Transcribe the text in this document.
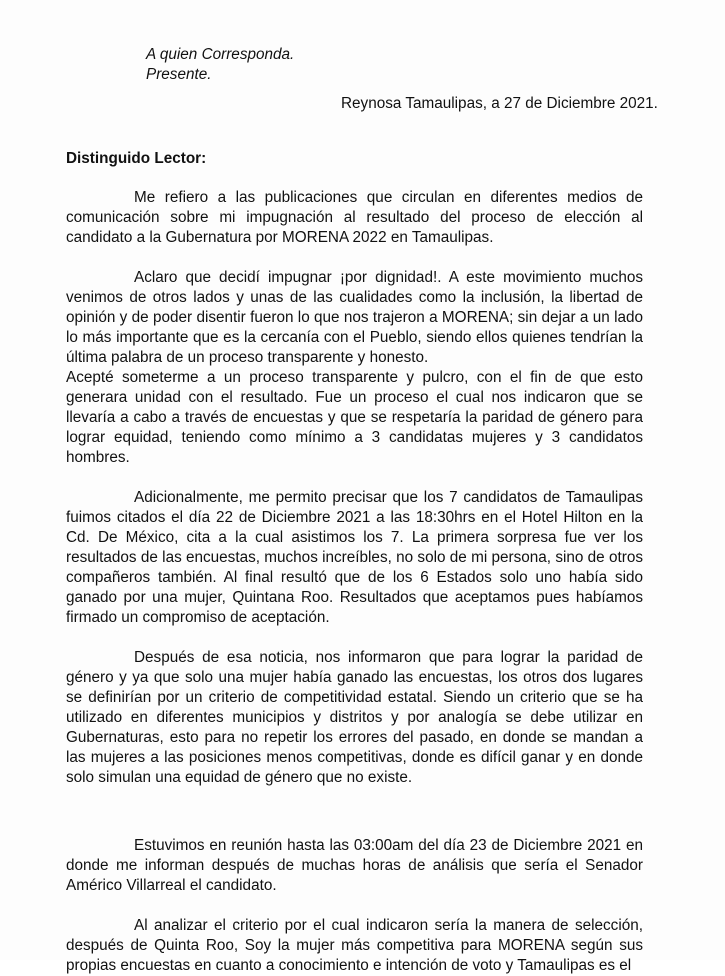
A quien Corresponda.
Presente.
Reynosa Tamaulipas, a 27 de Diciembre 2021.
Distinguido Lector:

Me refiero a las publicaciones que circulan en diferentes medios de comunicación sobre mi impugnación al resultado del proceso de elección al candidato a la Gubernatura por MORENA 2022 en Tamaulipas.

Aclaro que decidí impugnar ¡por dignidad!. A este movimiento muchos venimos de otros lados y unas de las cualidades como la inclusión, la libertad de opinión y de poder disentir fueron lo que nos trajeron a MORENA; sin dejar a un lado lo más importante que es la cercanía con el Pueblo, siendo ellos quienes tendrían la última palabra de un proceso transparente y honesto.

Acepté someterme a un proceso transparente y pulcro, con el fin de que esto generara unidad con el resultado. Fue un proceso el cual nos indicaron que se llevaría a cabo a través de encuestas y que se respetaría la paridad de género para lograr equidad, teniendo como mínimo a 3 candidatas mujeres y 3 candidatos hombres.

Adicionalmente, me permito precisar que los 7 candidatos de Tamaulipas fuimos citados el día 22 de Diciembre 2021 a las 18:30hrs en el Hotel Hilton en la Cd. De México, cita a la cual asistimos los 7. La primera sorpresa fue ver los resultados de las encuestas, muchos increíbles, no solo de mi persona, sino de otros compañeros también. Al final resultó que de los 6 Estados solo uno había sido ganado por una mujer, Quintana Roo. Resultados que aceptamos pues habíamos firmado un compromiso de aceptación.

Después de esa noticia, nos informaron que para lograr la paridad de género y ya que solo una mujer había ganado las encuestas, los otros dos lugares se definirían por un criterio de competitividad estatal. Siendo un criterio que se ha utilizado en diferentes municipios y distritos y por analogía se debe utilizar en Gubernaturas, esto para no repetir los errores del pasado, en donde se mandan a las mujeres a las posiciones menos competitivas, donde es difícil ganar y en donde solo simulan una equidad de género que no existe.

Estuvimos en reunión hasta las 03:00am del día 23 de Diciembre 2021 en donde me informan después de muchas horas de análisis que sería el Senador Américo Villarreal el candidato.

Al analizar el criterio por el cual indicaron sería la manera de selección, después de Quinta Roo, Soy la mujer más competitiva para MORENA según sus propias encuestas en cuanto a conocimiento e intención de voto y Tamaulipas es el
